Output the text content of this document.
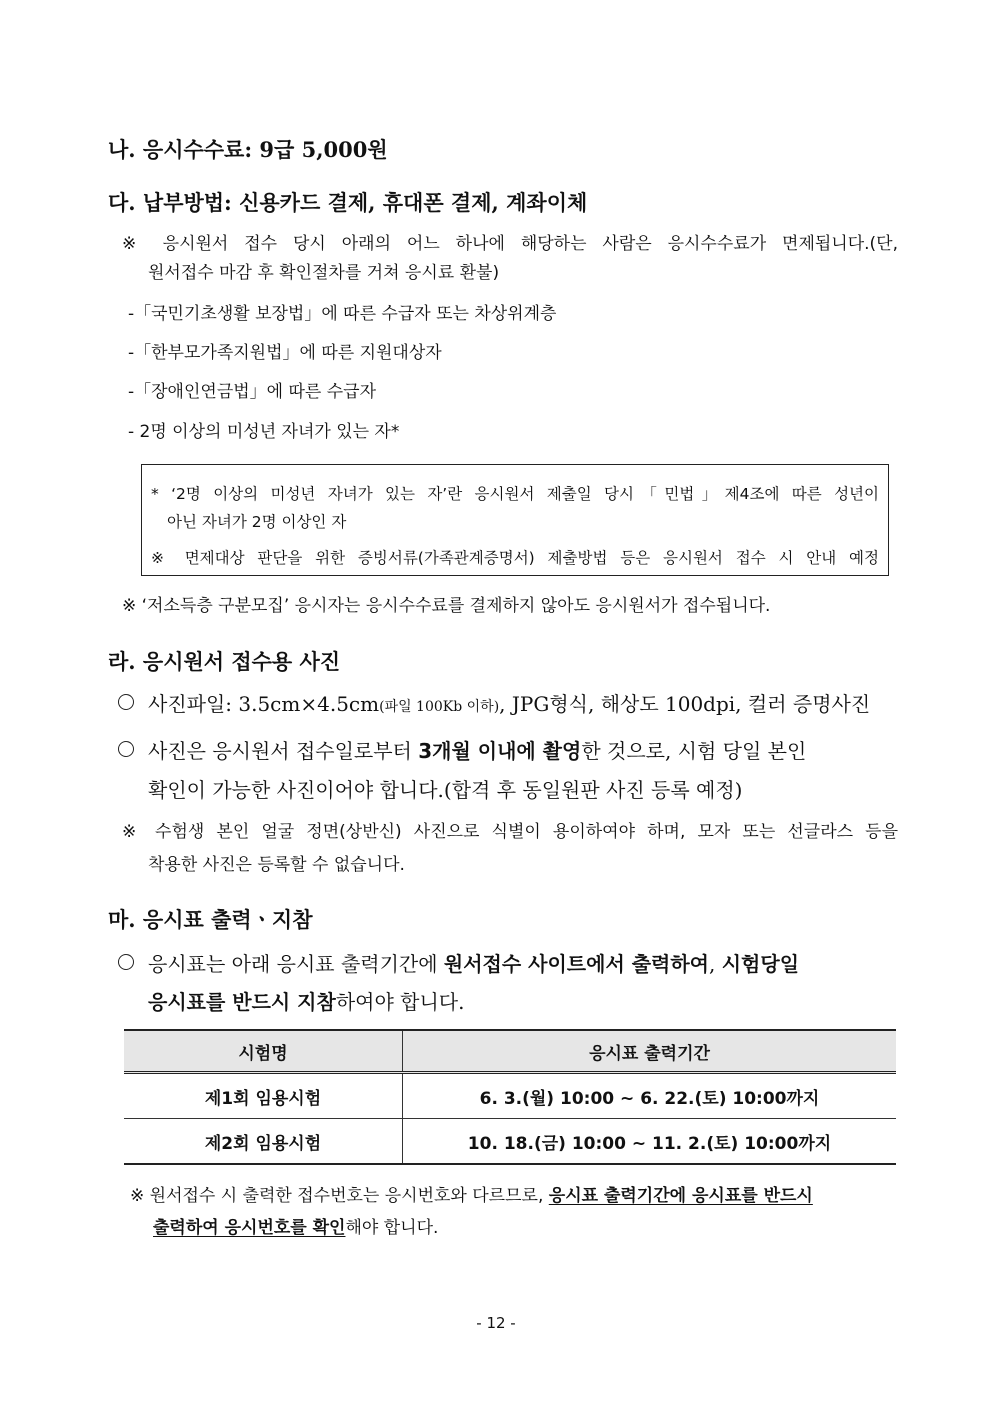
나. 응시수수료: 9급 5,000원
다. 납부방법: 신용카드 결제, 휴대폰 결제, 계좌이체
※ 응시원서 접수 당시 아래의 어느 하나에 해당하는 사람은 응시수수료가 면제됩니다.(단,
원서접수 마감 후 확인절차를 거쳐 응시료 환불)
-「국민기초생활 보장법」에 따른 수급자 또는 차상위계층
-「한부모가족지원법」에 따른 지원대상자
-「장애인연금법」에 따른 수급자
- 2명 이상의 미성년 자녀가 있는 자*
* ‘2명 이상의 미성년 자녀가 있는 자’란 응시원서 제출일 당시「민법」제4조에 따른 성년이
아닌 자녀가 2명 이상인 자
※ 면제대상 판단을 위한 증빙서류(가족관계증명서) 제출방법 등은 응시원서 접수 시 안내 예정
※ ‘저소득층 구분모집’ 응시자는 응시수수료를 결제하지 않아도 응시원서가 접수됩니다.
라. 응시원서 접수용 사진
사진파일: 3.5cm×4.5cm(파일 100Kb 이하), JPG형식, 해상도 100dpi, 컬러 증명사진
사진은 응시원서 접수일로부터 3개월 이내에 촬영한 것으로, 시험 당일 본인
확인이 가능한 사진이어야 합니다.(합격 후 동일원판 사진 등록 예정)
※ 수험생 본인 얼굴 정면(상반신) 사진으로 식별이 용이하여야 하며, 모자 또는 선글라스 등을
착용한 사진은 등록할 수 없습니다.
마. 응시표 출력ㆍ지참
응시표는 아래 응시표 출력기간에 원서접수 사이트에서 출력하여, 시험당일
응시표를 반드시 지참하여야 합니다.
시험명	응시표 출력기간
제1회 임용시험	6. 3.(월) 10:00 ~ 6. 22.(토) 10:00까지
제2회 임용시험	10. 18.(금) 10:00 ~ 11. 2.(토) 10:00까지
※ 원서접수 시 출력한 접수번호는 응시번호와 다르므로, 응시표 출력기간에 응시표를 반드시
출력하여 응시번호를 확인해야 합니다.
- 12 -
